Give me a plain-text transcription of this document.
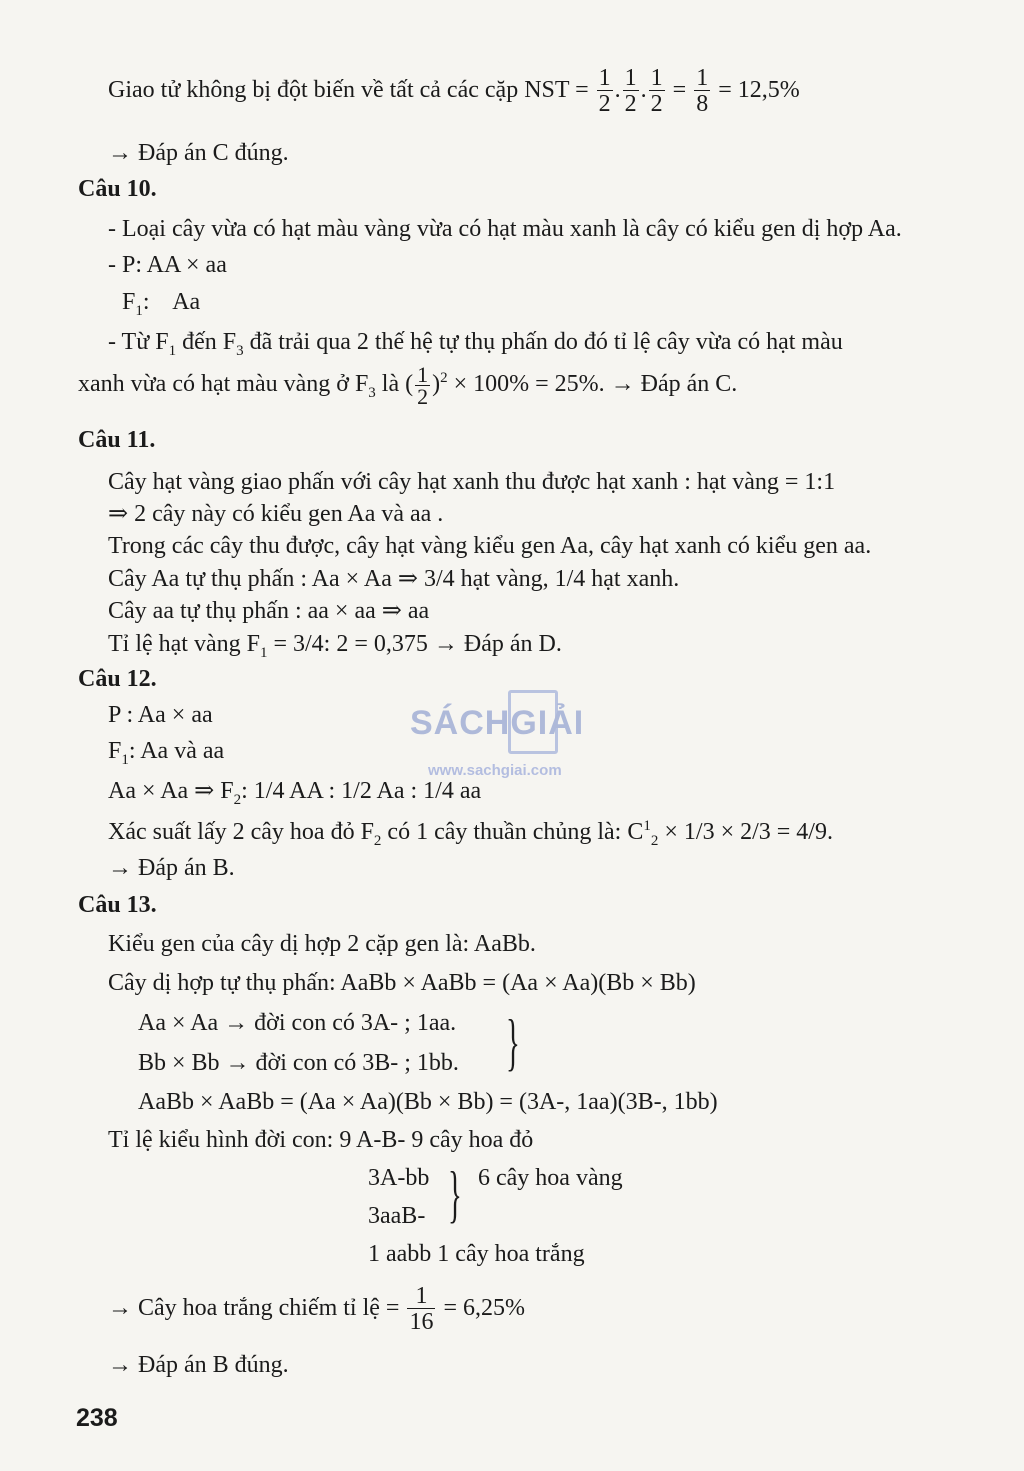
Giao tử không bị đột biến về tất cả các cặp NST = $\frac{1}{2}$ . $\frac{1}{2}$ . $\frac{1}{2} = \frac{1}{8} = 12,5\%$
→ Đáp án C đúng.
Câu 10.
- Loại cây vừa có hạt màu vàng vừa có hạt màu xanh là cây có kiểu gen dị hợp Aa.
- P: AA × aa
$F_1$:    Aa
- Từ $F_1$ đến $F_3$ đã trải qua 2 thế hệ tự thụ phấn do đó tỉ lệ cây vừa có hạt màu
xanh vừa có hạt màu vàng ở $F_3$ là ( $\frac{1}{2} )^2 \times 100\% = 25\%$. → Đáp án C.
Câu 11.
Cây hạt vàng giao phấn với cây hạt xanh thu được hạt xanh : hạt vàng = 1:1
⇒ 2 cây này có kiểu gen Aa và aa .
Trong các cây thu được, cây hạt vàng kiểu gen Aa, cây hạt xanh có kiểu gen aa.
Cây Aa tự thụ phấn : Aa × Aa ⇒ 3/4 hạt vàng, 1/4 hạt xanh.
Cây aa tự thụ phấn : aa × aa ⇒ aa
Tỉ lệ hạt vàng $F_1 = 3/4$: 2 = 0,375 → Đáp án D.
Câu 12.
P : Aa × aa
$F_1$: Aa và aa
Aa × Aa ⇒ $F_2$: 1/4 AA : 1/2 Aa : 1/4 aa
Xác suất lấy 2 cây hoa đỏ $F_2$ có 1 cây thuần chủng là: $C^1_2 \times 1/3 \times 2/3 = 4/9$.
→ Đáp án B.
Câu 13.
Kiểu gen của cây dị hợp 2 cặp gen là: AaBb.
Cây dị hợp tự thụ phấn: AaBb × AaBb = (Aa × Aa)(Bb × Bb)
Aa × Aa → đời con có 3A- ; 1aa.
Bb × Bb → đời con có 3B- ; 1bb. }
AaBb × AaBb = (Aa × Aa)(Bb × Bb) = (3A-, 1aa)(3B-, 1bb)
Tỉ lệ kiểu hình đời con: 9 A-B- 9 cây hoa đỏ
3A-bb } 6 cây hoa vàng
3aaB-
1 aabb 1 cây hoa trắng
→ Cây hoa trắng chiếm tỉ lệ = $\frac{1}{16} = 6,25\%$
→ Đáp án B đúng.
SÁCHGIẢI
www.sachgiai.com
238
